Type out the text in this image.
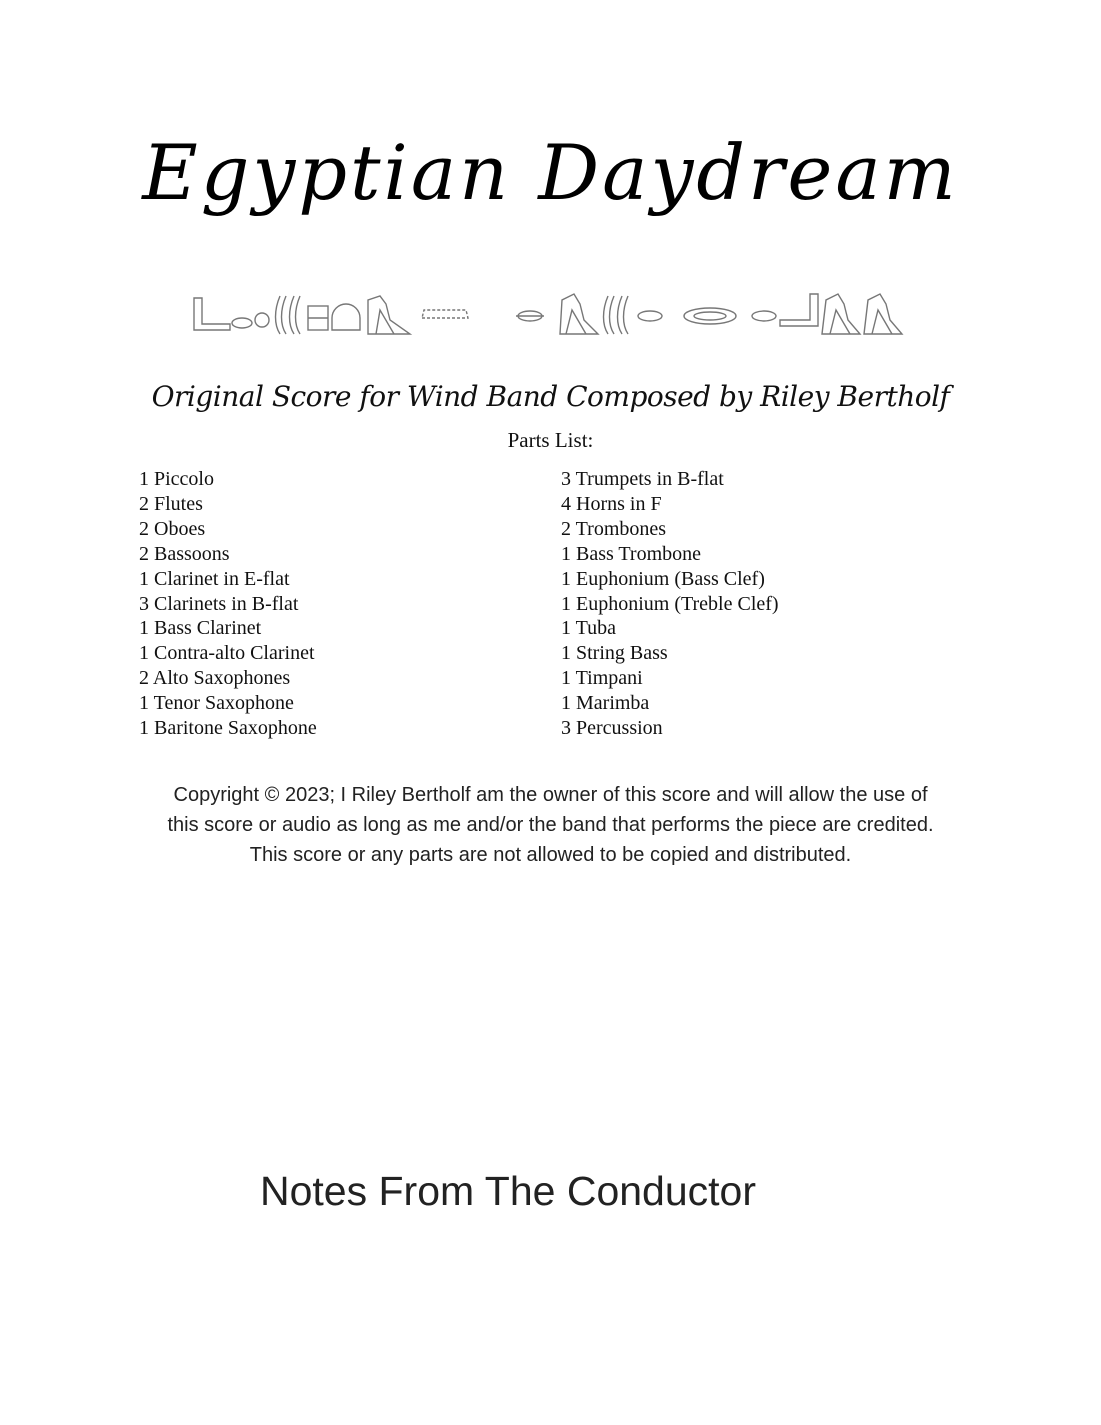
Egyptian Daydream
Original Score for Wind Band Composed by Riley Bertholf
Parts List:
1 Piccolo
2 Flutes
2 Oboes
2 Bassoons
1 Clarinet in E-flat
3 Clarinets in B-flat
1 Bass Clarinet
1 Contra-alto Clarinet
2 Alto Saxophones
1 Tenor Saxophone
1 Baritone Saxophone
3 Trumpets in B-flat
4 Horns in F
2 Trombones
1 Bass Trombone
1 Euphonium (Bass Clef)
1 Euphonium (Treble Clef)
1 Tuba
1 String Bass
1 Timpani
1 Marimba
3 Percussion
Copyright © 2023; I Riley Bertholf am the owner of this score and will allow the use of
this score or audio as long as me and/or the band that performs the piece are credited.
This score or any parts are not allowed to be copied and distributed.
Notes From The Conductor
